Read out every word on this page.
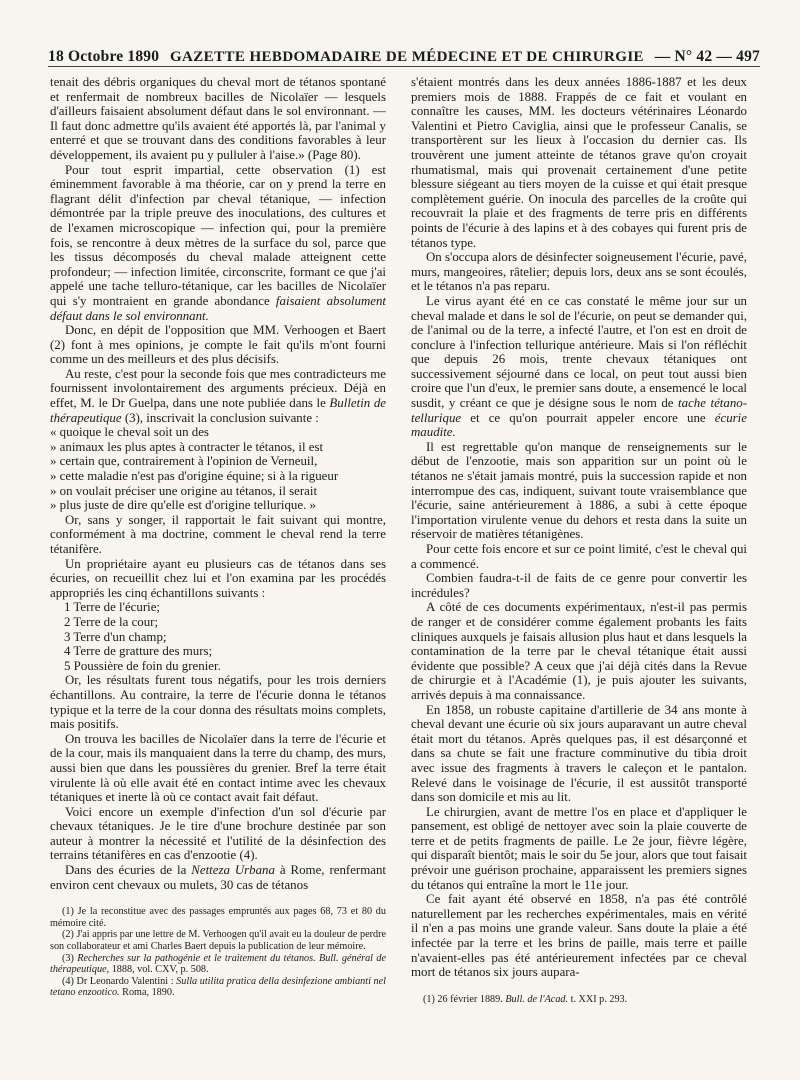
18 Octobre 1890 GAZETTE HEBDOMADAIRE DE MÉDECINE ET DE CHIRURGIE — N° 42 — 497

tenait des débris organiques du cheval mort de tétanos spontané et renfermait de nombreux bacilles de Nicolaïer — lesquels d'ailleurs faisaient absolument défaut dans le sol environnant. — Il faut donc admettre qu'ils avaient été apportés là, par l'animal y enterré et que se trouvant dans des conditions favorables à leur développement, ils avaient pu y pulluler à l'aise.» (Page 80).

Pour tout esprit impartial, cette observation (1) est éminemment favorable à ma théorie, car on y prend la terre en flagrant délit d'infection par cheval tétanique, — infection démontrée par la triple preuve des inoculations, des cultures et de l'examen microscopique — infection qui, pour la première fois, se rencontre à deux mètres de la surface du sol, parce que les tissus décomposés du cheval malade atteignent cette profondeur; — infection limitée, circonscrite, formant ce que j'ai appelé une tache telluro-tétanique, car les bacilles de Nicolaïer qui s'y montraient en grande abondance faisaient absolument défaut dans le sol environnant.

Donc, en dépit de l'opposition que MM. Verhoogen et Baert (2) font à mes opinions, je compte le fait qu'ils m'ont fourni comme un des meilleurs et des plus décisifs.

Au reste, c'est pour la seconde fois que mes contradicteurs me fournissent involontairement des arguments précieux. Déjà en effet, M. le Dr Guelpa, dans une note publiée dans le Bulletin de thérapeutique (3), inscrivait la conclusion suivante :

« quoique le cheval soit un des
» animaux les plus aptes à contracter le tétanos, il est
» certain que, contrairement à l'opinion de Verneuil,
» cette maladie n'est pas d'origine équine; si à la rigueur
» on voulait préciser une origine au tétanos, il serait
» plus juste de dire qu'elle est d'origine tellurique. »

Or, sans y songer, il rapportait le fait suivant qui montre, conformément à ma doctrine, comment le cheval rend la terre tétanifère.

Un propriétaire ayant eu plusieurs cas de tétanos dans ses écuries, on recueillit chez lui et l'on examina par les procédés appropriés les cinq échantillons suivants :

1 Terre de l'écurie;
2 Terre de la cour;
3 Terre d'un champ;
4 Terre de gratture des murs;
5 Poussière de foin du grenier.

Or, les résultats furent tous négatifs, pour les trois derniers échantillons. Au contraire, la terre de l'écurie donna le tétanos typique et la terre de la cour donna des résultats moins complets, mais positifs.

On trouva les bacilles de Nicolaïer dans la terre de l'écurie et de la cour, mais ils manquaient dans la terre du champ, des murs, aussi bien que dans les poussières du grenier. Bref la terre était virulente là où elle avait été en contact intime avec les chevaux tétaniques et inerte là où ce contact avait fait défaut.

Voici encore un exemple d'infection d'un sol d'écurie par chevaux tétaniques. Je le tire d'une brochure destinée par son auteur à montrer la nécessité et l'utilité de la désinfection des terrains tétanifères en cas d'enzootie (4).

Dans des écuries de la Netteza Urbana à Rome, renfermant environ cent chevaux ou mulets, 30 cas de tétanos

(1) Je la reconstitue avec des passages empruntés aux pages 68, 73 et 80 du mémoire cité.

(2) J'ai appris par une lettre de M. Verhoogen qu'il avait eu la douleur de perdre son collaborateur et ami Charles Baert depuis la publication de leur mémoire.

(3) Recherches sur la pathogénie et le traitement du tétanos. Bull. général de thérapeutique, 1888, vol. CXV, p. 508.

(4) Dr Leonardo Valentini : Sulla utilita pratica della desinfezione ambianti nel tetano enzootico. Roma, 1890.

s'étaient montrés dans les deux années 1886-1887 et les deux premiers mois de 1888. Frappés de ce fait et voulant en connaître les causes, MM. les docteurs vétérinaires Léonardo Valentini et Pietro Caviglia, ainsi que le professeur Canalis, se transportèrent sur les lieux à l'occasion du dernier cas. Ils trouvèrent une jument atteinte de tétanos grave qu'on croyait rhumatismal, mais qui provenait certainement d'une petite blessure siégeant au tiers moyen de la cuisse et qui était presque complètement guérie. On inocula des parcelles de la croûte qui recouvrait la plaie et des fragments de terre pris en différents points de l'écurie à des lapins et à des cobayes qui furent pris de tétanos type.

On s'occupa alors de désinfecter soigneusement l'écurie, pavé, murs, mangeoires, râtelier; depuis lors, deux ans se sont écoulés, et le tétanos n'a pas reparu.

Le virus ayant été en ce cas constaté le même jour sur un cheval malade et dans le sol de l'écurie, on peut se demander qui, de l'animal ou de la terre, a infecté l'autre, et l'on est en droit de conclure à l'infection tellurique antérieure. Mais si l'on réfléchit que depuis 26 mois, trente chevaux tétaniques ont successivement séjourné dans ce local, on peut tout aussi bien croire que l'un d'eux, le premier sans doute, a ensemencé le local susdit, y créant ce que je désigne sous le nom de tache tétano-tellurique et ce qu'on pourrait appeler encore une écurie maudite.

Il est regrettable qu'on manque de renseignements sur le début de l'enzootie, mais son apparition sur un point où le tétanos ne s'était jamais montré, puis la succession rapide et non interrompue des cas, indiquent, suivant toute vraisemblance que l'écurie, saine antérieurement à 1886, a subi à cette époque l'importation virulente venue du dehors et resta dans la suite un réservoir de matières tétanigènes.

Pour cette fois encore et sur ce point limité, c'est le cheval qui a commencé.

Combien faudra-t-il de faits de ce genre pour convertir les incrédules?

A côté de ces documents expérimentaux, n'est-il pas permis de ranger et de considérer comme également probants les faits cliniques auxquels je faisais allusion plus haut et dans lesquels la contamination de la terre par le cheval tétanique était aussi évidente que possible? A ceux que j'ai déjà cités dans la Revue de chirurgie et à l'Académie (1), je puis ajouter les suivants, arrivés depuis à ma connaissance.

En 1858, un robuste capitaine d'artillerie de 34 ans monte à cheval devant une écurie où six jours auparavant un autre cheval était mort du tétanos. Après quelques pas, il est désarçonné et dans sa chute se fait une fracture comminutive du tibia droit avec issue des fragments à travers le caleçon et le pantalon. Relevé dans le voisinage de l'écurie, il est aussitôt transporté dans son domicile et mis au lit.

Le chirurgien, avant de mettre l'os en place et d'appliquer le pansement, est obligé de nettoyer avec soin la plaie couverte de terre et de petits fragments de paille. Le 2e jour, fièvre légère, qui disparaît bientôt; mais le soir du 5e jour, alors que tout faisait prévoir une guérison prochaine, apparaissent les premiers signes du tétanos qui entraîne la mort le 11e jour.

Ce fait ayant été observé en 1858, n'a pas été contrôlé naturellement par les recherches expérimentales, mais en vérité il n'en a pas moins une grande valeur. Sans doute la plaie a été infectée par la terre et les brins de paille, mais terre et paille n'avaient-elles pas été antérieurement infectées par ce cheval mort de tétanos six jours aupara-

(1) 26 février 1889. Bull. de l'Acad. t. XXI p. 293.
